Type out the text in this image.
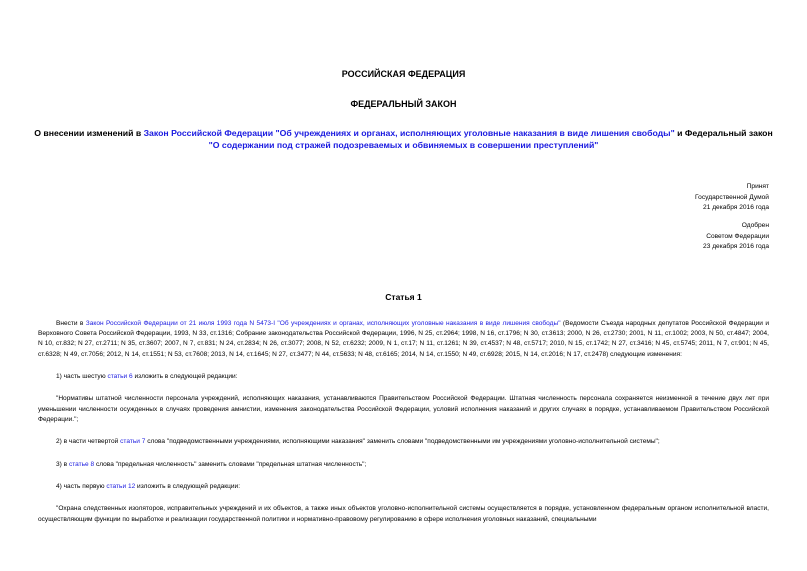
РОССИЙСКАЯ ФЕДЕРАЦИЯ
ФЕДЕРАЛЬНЫЙ ЗАКОН
О внесении изменений в Закон Российской Федерации "Об учреждениях и органах, исполняющих уголовные наказания в виде лишения свободы" и Федеральный закон "О содержании под стражей подозреваемых и обвиняемых в совершении преступлений"
Принят
Государственной Думой
21 декабря 2016 года
Одобрен
Советом Федерации
23 декабря 2016 года
Статья 1

Внести в Закон Российской Федерации от 21 июля 1993 года N 5473-I "Об учреждениях и органах, исполняющих уголовные наказания в виде лишения свободы" (Ведомости Съезда народных депутатов Российской Федерации и Верховного Совета Российской Федерации, 1993, N 33, ст.1316; Собрание законодательства Российской Федерации, 1996, N 25, ст.2964; 1998, N 16, ст.1796; N 30, ст.3613; 2000, N 26, ст.2730; 2001, N 11, ст.1002; 2003, N 50, ст.4847; 2004, N 10, ст.832; N 27, ст.2711; N 35, ст.3607; 2007, N 7, ст.831; N 24, ст.2834; N 26, ст.3077; 2008, N 52, ст.6232; 2009, N 1, ст.17; N 11, ст.1261; N 39, ст.4537; N 48, ст.5717; 2010, N 15, ст.1742; N 27, ст.3416; N 45, ст.5745; 2011, N 7, ст.901; N 45, ст.6328; N 49, ст.7056; 2012, N 14, ст.1551; N 53, ст.7608; 2013, N 14, ст.1645; N 27, ст.3477; N 44, ст.5633; N 48, ст.6165; 2014, N 14, ст.1550; N 49, ст.6928; 2015, N 14, ст.2016; N 17, ст.2478) следующие изменения:

1) часть шестую статьи 6 изложить в следующей редакции:

"Нормативы штатной численности персонала учреждений, исполняющих наказания, устанавливаются Правительством Российской Федерации. Штатная численность персонала сохраняется неизменной в течение двух лет при уменьшении численности осужденных в случаях проведения амнистии, изменения законодательства Российской Федерации, условий исполнения наказаний и других случаях в порядке, устанавливаемом Правительством Российской Федерации.";

2) в части четвертой статьи 7 слова "подведомственными учреждениями, исполняющими наказания" заменить словами "подведомственными им учреждениями уголовно-исполнительной системы";

3) в статье 8 слова "предельная численность" заменить словами "предельная штатная численность";

4) часть первую статьи 12 изложить в следующей редакции:

"Охрана следственных изоляторов, исправительных учреждений и их объектов, а также иных объектов уголовно-исполнительной системы осуществляется в порядке, установленном федеральным органом исполнительной власти, осуществляющим функции по выработке и реализации государственной политики и нормативно-правовому регулированию в сфере исполнения уголовных наказаний, специальными
